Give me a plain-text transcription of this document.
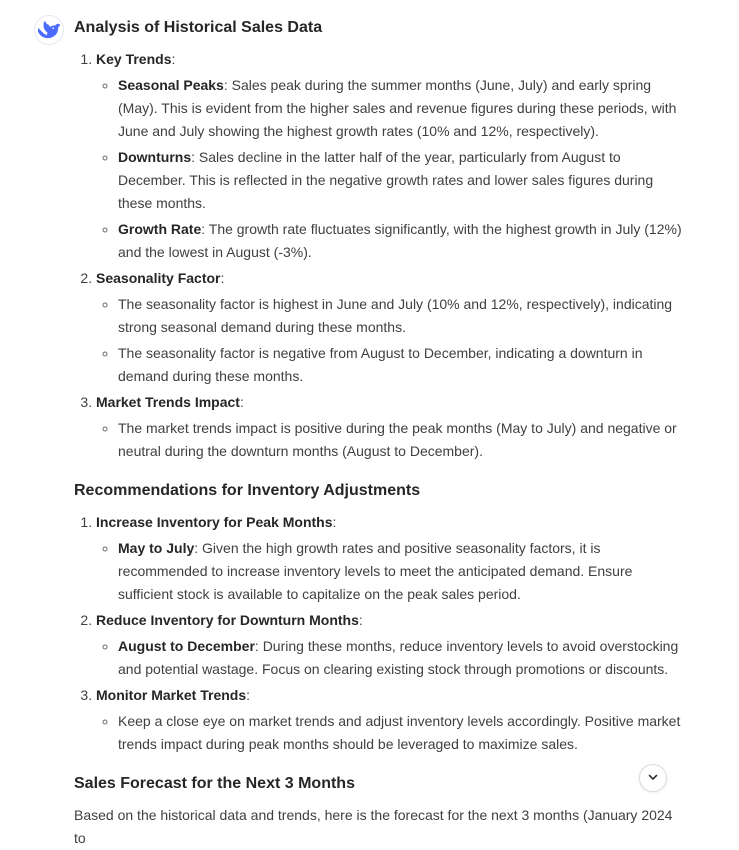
Analysis of Historical Sales Data
1. Key Trends:
◦ Seasonal Peaks: Sales peak during the summer months (June, July) and early spring (May). This is evident from the higher sales and revenue figures during these periods, with June and July showing the highest growth rates (10% and 12%, respectively).
◦ Downturns: Sales decline in the latter half of the year, particularly from August to December. This is reflected in the negative growth rates and lower sales figures during these months.
◦ Growth Rate: The growth rate fluctuates significantly, with the highest growth in July (12%) and the lowest in August (-3%).
2. Seasonality Factor:
◦ The seasonality factor is highest in June and July (10% and 12%, respectively), indicating strong seasonal demand during these months.
◦ The seasonality factor is negative from August to December, indicating a downturn in demand during these months.
3. Market Trends Impact:
◦ The market trends impact is positive during the peak months (May to July) and negative or neutral during the downturn months (August to December).
Recommendations for Inventory Adjustments
1. Increase Inventory for Peak Months:
◦ May to July: Given the high growth rates and positive seasonality factors, it is recommended to increase inventory levels to meet the anticipated demand. Ensure sufficient stock is available to capitalize on the peak sales period.
2. Reduce Inventory for Downturn Months:
◦ August to December: During these months, reduce inventory levels to avoid overstocking and potential wastage. Focus on clearing existing stock through promotions or discounts.
3. Monitor Market Trends:
◦ Keep a close eye on market trends and adjust inventory levels accordingly. Positive market trends impact during peak months should be leveraged to maximize sales.
Sales Forecast for the Next 3 Months

Based on the historical data and trends, here is the forecast for the next 3 months (January 2024 to
